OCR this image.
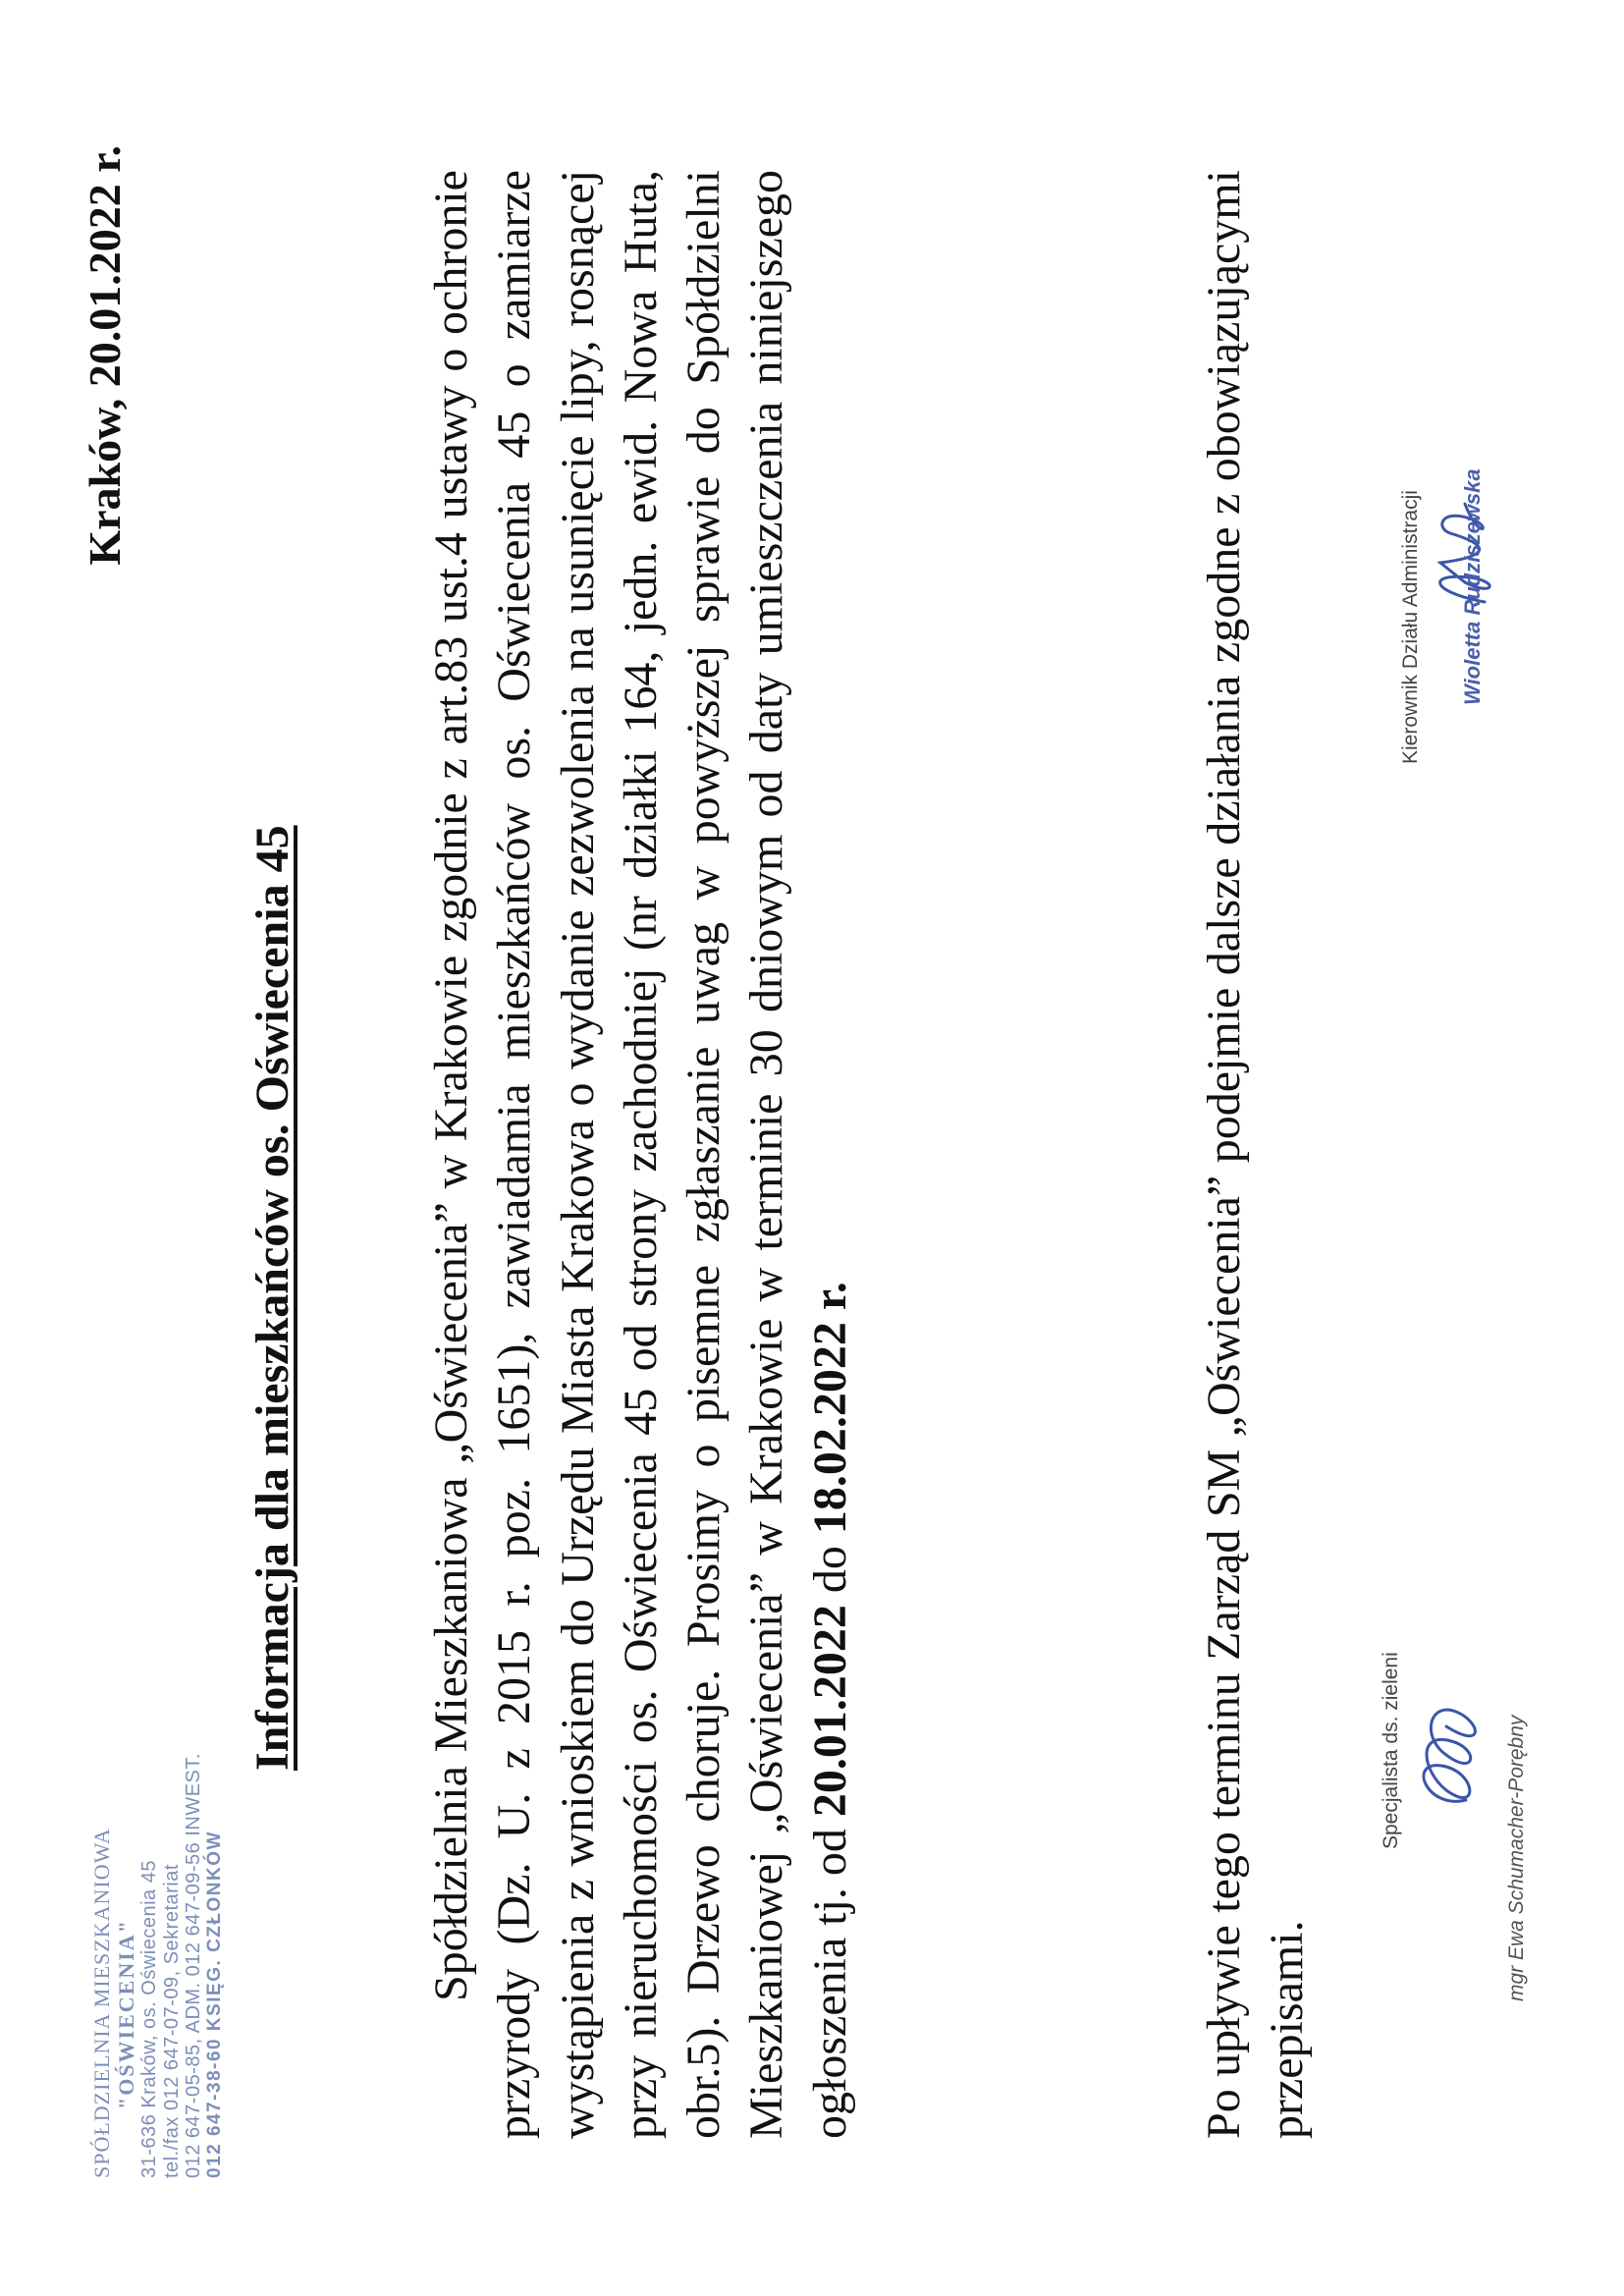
SPÓŁDZIELNIA MIESZKANIOWA "OŚWIECENIA" 31-636 Kraków, os. Oświecenia 45 tel./fax 012 647-07-09, Sekretariat 012 647-05-85, ADM. 012 647-09-56 INWEST. 012 647-38-60 KSIĘG. CZŁONKÓW
Kraków, 20.01.2022 r.
Informacja dla mieszkańców os. Oświecenia 45	Spółdzielnia Mieszkaniowa „Oświecenia” w Krakowie zgodnie z art.83 ust.4 ustawy o ochronie przyrody (Dz. U. z 2015 r. poz. 1651), zawiadamia mieszkańców os. Oświecenia 45 o zamiarze wystąpienia z wnioskiem do Urzędu Miasta Krakowa o wydanie zezwolenia na usunięcie lipy, rosnącej przy nieruchomości os. Oświecenia 45 od strony zachodniej (nr działki 164, jedn. ewid. Nowa Huta, obr.5). Drzewo choruje. Prosimy o pisemne zgłaszanie uwag w powyższej sprawie do Spółdzielni Mieszkaniowej „Oświecenia” w Krakowie w terminie 30 dniowym od daty umieszczenia niniejszego ogłoszenia tj. od 20.01.2022 do 18.02.2022 r.	Po upływie tego terminu Zarząd SM „Oświecenia” podejmie dalsze działania zgodne z obowiązującymi przepisami.

Specjalista ds. zieleni	mgr Ewa Schumacher-Porębny
Kierownik Działu Administracji Wioletta Rudziszewska
